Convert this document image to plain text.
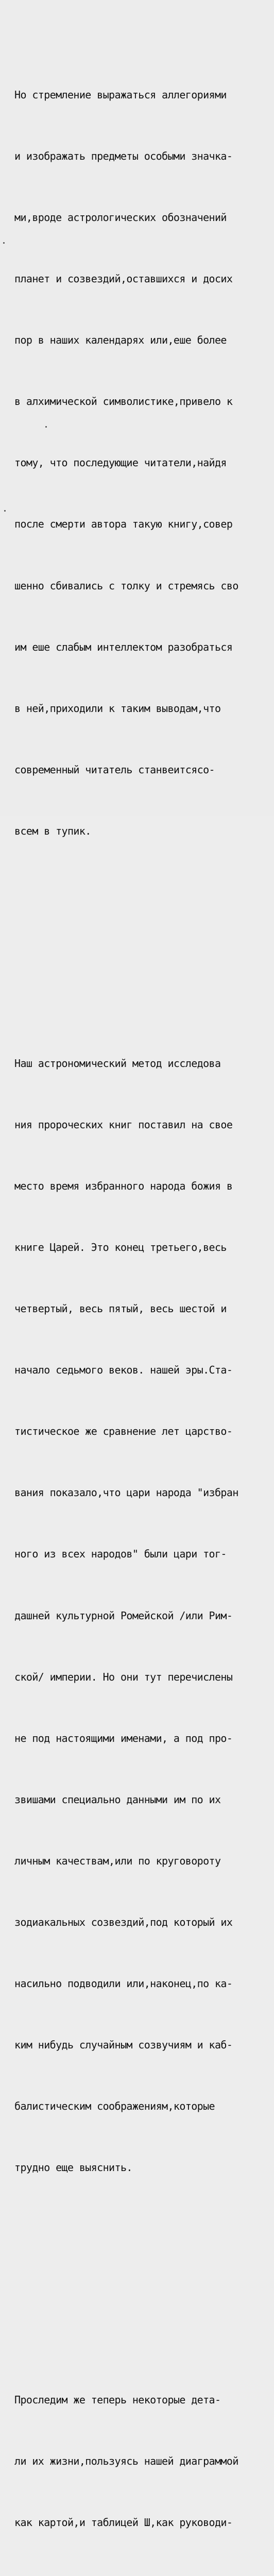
Но стремление выражаться аллегориями

и изображать предметы особыми значка-

ми,вроде астрологических обозначений

планет и созвездий,оставшихся и досих

пор в наших календарях или,еше более

в алхимической символистике,привело к

тому, что последующие читатели,найдя

после смерти автора такую книгу,совер

шенно сбивались с толку и стремясь сво

им еше слабым интеллектом разобраться

в ней,приходили к таким выводам,что

современный читатель станвеитсясо-

всем в тупик.

Наш астрономический метод исследова

ния пророческих книг поставил на свое

место время избранного народа божия в

книге Царей. Это конец третьего,весь

четвертый, весь пятый, весь шестой и

начало седьмого веков. нашей эры.Ста-

тистическое же сравнение лет царство-

вания показало,что цари народа "избран

ного из всех народов" были цари тог-

дашней культурной Ромейской /или Рим-

ской/ империи. Но они тут перечислены

не под настоящими именами, а под про-

звишами специально данными им по их

личным качествам,или по круговороту

зодиакальных созвездий,под который их

насильно подводили или,наконец,по ка-

ким нибудь случайным созвучиям и каб-

балистическим соображениям,которые

трудно еще выяснить.

Проследим же теперь некоторые дета-

ли их жизни,пользуясь нашей диаграммой

как картой,и таблицей Ш,как руководи-
